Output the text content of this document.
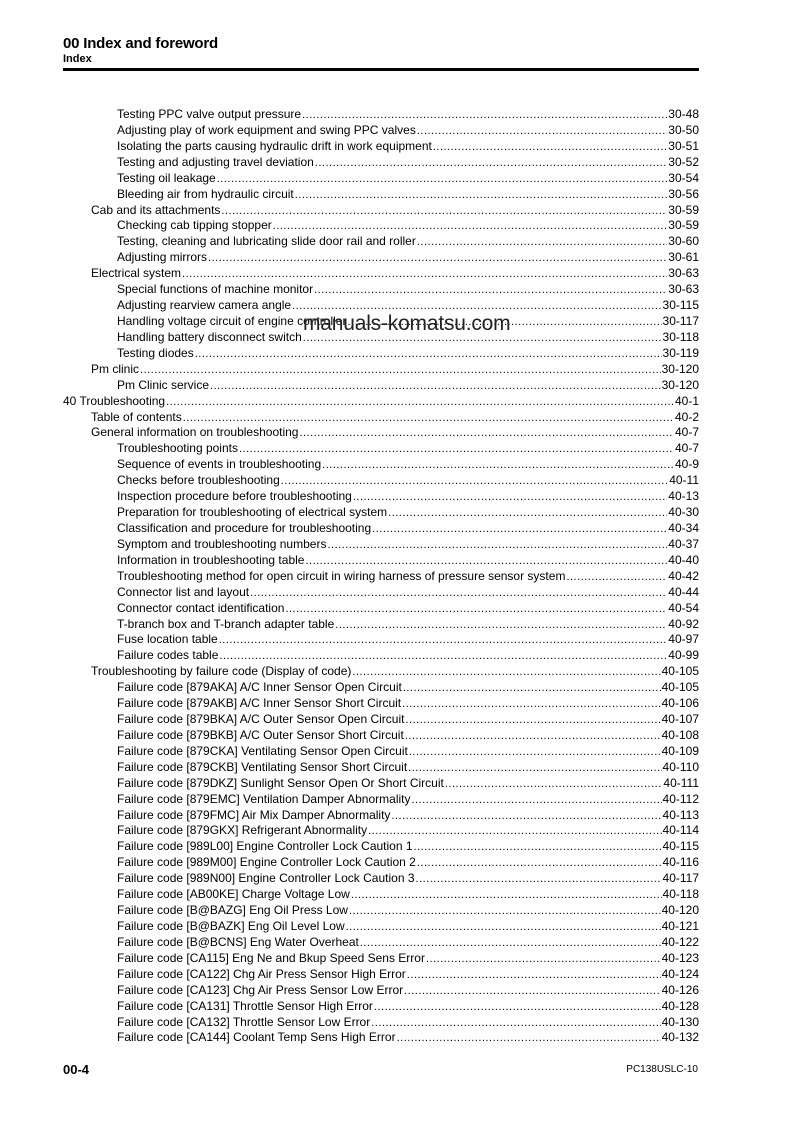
00 Index and foreword
Index
Testing PPC valve output pressure .....	30-48
Adjusting play of work equipment and swing PPC valves .....	30-50
Isolating the parts causing hydraulic drift in work equipment .....	30-51
Testing and adjusting travel deviation .....	30-52
Testing oil leakage .....	30-54
Bleeding air from hydraulic circuit .....	30-56
Cab and its attachments .....	30-59
Checking cab tipping stopper .....	30-59
Testing, cleaning and lubricating slide door rail and roller .....	30-60
Adjusting mirrors .....	30-61
Electrical system .....	30-63
Special functions of machine monitor .....	30-63
Adjusting rearview camera angle .....	30-115
Handling voltage circuit of engine controller .....	30-117
Handling battery disconnect switch .....	30-118
Testing diodes .....	30-119
Pm clinic .....	30-120
Pm Clinic service .....	30-120
40 Troubleshooting .....	40-1
Table of contents .....	40-2
General information on troubleshooting .....	40-7
Troubleshooting points .....	40-7
Sequence of events in troubleshooting .....	40-9
Checks before troubleshooting .....	40-11
Inspection procedure before troubleshooting .....	40-13
Preparation for troubleshooting of electrical system .....	40-30
Classification and procedure for troubleshooting .....	40-34
Symptom and troubleshooting numbers .....	40-37
Information in troubleshooting table .....	40-40
Troubleshooting method for open circuit in wiring harness of pressure sensor system .....	40-42
Connector list and layout .....	40-44
Connector contact identification .....	40-54
T-branch box and T-branch adapter table .....	40-92
Fuse location table .....	40-97
Failure codes table .....	40-99
Troubleshooting by failure code (Display of code) .....	40-105
Failure code [879AKA] A/C Inner Sensor Open Circuit .....	40-105
Failure code [879AKB] A/C Inner Sensor Short Circuit .....	40-106
Failure code [879BKA] A/C Outer Sensor Open Circuit .....	40-107
Failure code [879BKB] A/C Outer Sensor Short Circuit .....	40-108
Failure code [879CKA] Ventilating Sensor Open Circuit .....	40-109
Failure code [879CKB] Ventilating Sensor Short Circuit .....	40-110
Failure code [879DKZ] Sunlight Sensor Open Or Short Circuit .....	40-111
Failure code [879EMC] Ventilation Damper Abnormality .....	40-112
Failure code [879FMC] Air Mix Damper Abnormality .....	40-113
Failure code [879GKX] Refrigerant Abnormality .....	40-114
Failure code [989L00] Engine Controller Lock Caution 1 .....	40-115
Failure code [989M00] Engine Controller Lock Caution 2 .....	40-116
Failure code [989N00] Engine Controller Lock Caution 3 .....	40-117
Failure code [AB00KE] Charge Voltage Low .....	40-118
Failure code [B@BAZG] Eng Oil Press Low .....	40-120
Failure code [B@BAZK] Eng Oil Level Low .....	40-121
Failure code [B@BCNS] Eng Water Overheat .....	40-122
Failure code [CA115] Eng Ne and Bkup Speed Sens Error .....	40-123
Failure code [CA122] Chg Air Press Sensor High Error .....	40-124
Failure code [CA123] Chg Air Press Sensor Low Error .....	40-126
Failure code [CA131] Throttle Sensor High Error .....	40-128
Failure code [CA132] Throttle Sensor Low Error .....	40-130
Failure code [CA144] Coolant Temp Sens High Error .....	40-132
manuals-komatsu.com
00-4	PC138USLC-10
